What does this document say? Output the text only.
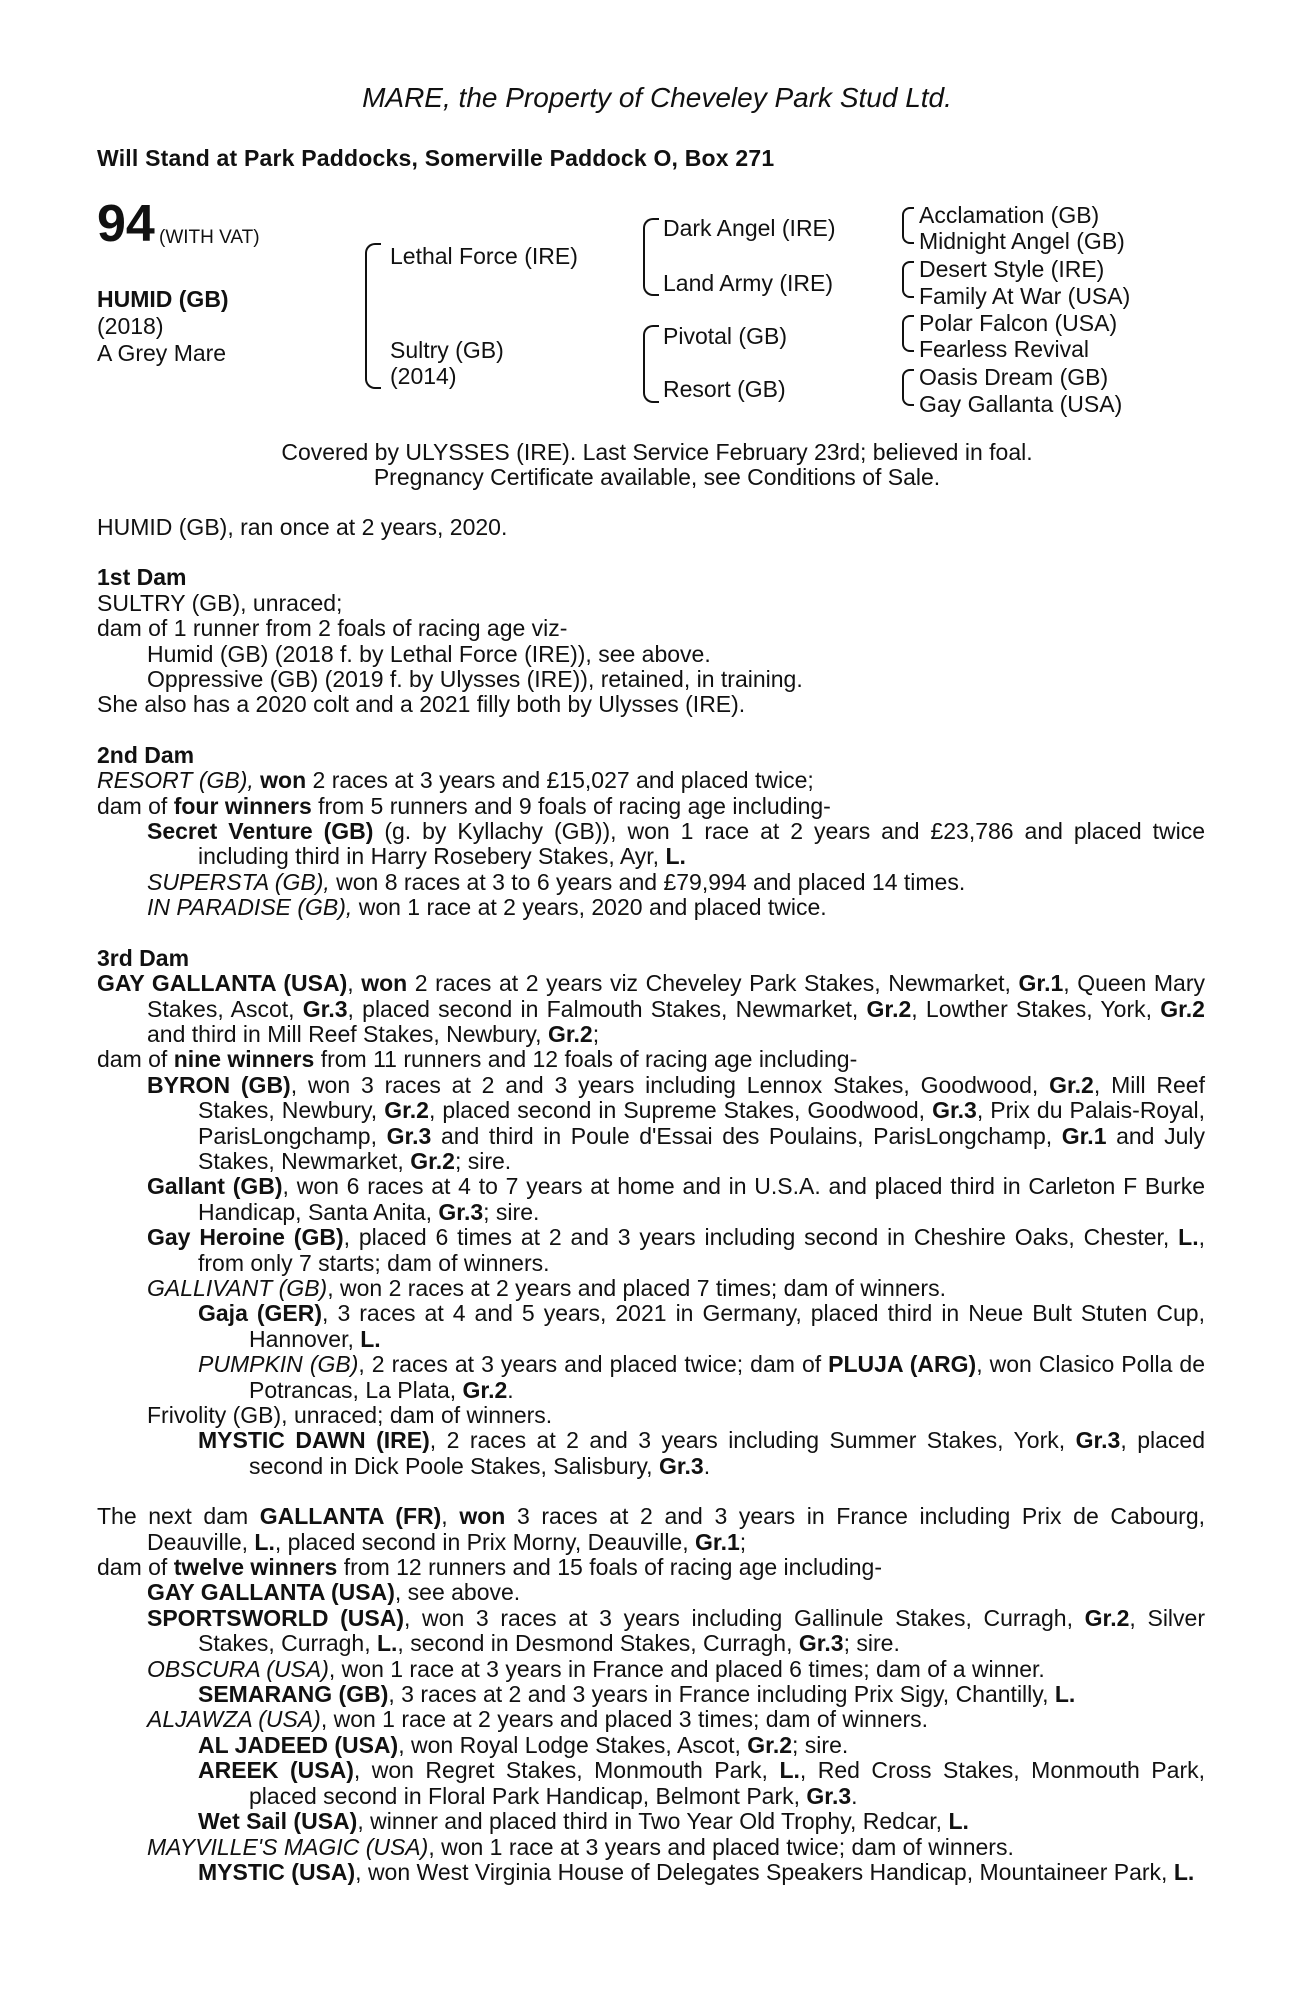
MARE, the Property of Cheveley Park Stud Ltd.
Will Stand at Park Paddocks, Somerville Paddock O, Box 271
94 (WITH VAT)
HUMID (GB)
(2018)
A Grey Mare
Lethal Force (IRE)
Sultry (GB)
(2014)
Dark Angel (IRE)
Land Army (IRE)
Pivotal (GB)
Resort (GB)
Acclamation (GB)
Midnight Angel (GB)
Desert Style (IRE)
Family At War (USA)
Polar Falcon (USA)
Fearless Revival
Oasis Dream (GB)
Gay Gallanta (USA)
Covered by ULYSSES (IRE). Last Service February 23rd; believed in foal.
Pregnancy Certificate available, see Conditions of Sale.

HUMID (GB), ran once at 2 years, 2020.

1st Dam

SULTRY (GB), unraced;

dam of 1 runner from 2 foals of racing age viz-

Humid (GB) (2018 f. by Lethal Force (IRE)), see above.

Oppressive (GB) (2019 f. by Ulysses (IRE)), retained, in training.

She also has a 2020 colt and a 2021 filly both by Ulysses (IRE).

2nd Dam

RESORT (GB), won 2 races at 3 years and £15,027 and placed twice;

dam of four winners from 5 runners and 9 foals of racing age including-

Secret Venture (GB) (g. by Kyllachy (GB)), won 1 race at 2 years and £23,786 and placed twice including third in Harry Rosebery Stakes, Ayr, L.

SUPERSTA (GB), won 8 races at 3 to 6 years and £79,994 and placed 14 times.

IN PARADISE (GB), won 1 race at 2 years, 2020 and placed twice.

3rd Dam

GAY GALLANTA (USA), won 2 races at 2 years viz Cheveley Park Stakes, Newmarket, Gr.1, Queen Mary Stakes, Ascot, Gr.3, placed second in Falmouth Stakes, Newmarket, Gr.2, Lowther Stakes, York, Gr.2 and third in Mill Reef Stakes, Newbury, Gr.2;

dam of nine winners from 11 runners and 12 foals of racing age including-

BYRON (GB), won 3 races at 2 and 3 years including Lennox Stakes, Goodwood, Gr.2, Mill Reef Stakes, Newbury, Gr.2, placed second in Supreme Stakes, Goodwood, Gr.3, Prix du Palais-Royal, ParisLongchamp, Gr.3 and third in Poule d'Essai des Poulains, ParisLongchamp, Gr.1 and July Stakes, Newmarket, Gr.2; sire.

Gallant (GB), won 6 races at 4 to 7 years at home and in U.S.A. and placed third in Carleton F Burke Handicap, Santa Anita, Gr.3; sire.

Gay Heroine (GB), placed 6 times at 2 and 3 years including second in Cheshire Oaks, Chester, L., from only 7 starts; dam of winners.

GALLIVANT (GB), won 2 races at 2 years and placed 7 times; dam of winners.

Gaja (GER), 3 races at 4 and 5 years, 2021 in Germany, placed third in Neue Bult Stuten Cup, Hannover, L.

PUMPKIN (GB), 2 races at 3 years and placed twice; dam of PLUJA (ARG), won Clasico Polla de Potrancas, La Plata, Gr.2.

Frivolity (GB), unraced; dam of winners.

MYSTIC DAWN (IRE), 2 races at 2 and 3 years including Summer Stakes, York, Gr.3, placed second in Dick Poole Stakes, Salisbury, Gr.3.

The next dam GALLANTA (FR), won 3 races at 2 and 3 years in France including Prix de Cabourg, Deauville, L., placed second in Prix Morny, Deauville, Gr.1;

dam of twelve winners from 12 runners and 15 foals of racing age including-

GAY GALLANTA (USA), see above.

SPORTSWORLD (USA), won 3 races at 3 years including Gallinule Stakes, Curragh, Gr.2, Silver Stakes, Curragh, L., second in Desmond Stakes, Curragh, Gr.3; sire.

OBSCURA (USA), won 1 race at 3 years in France and placed 6 times; dam of a winner.

SEMARANG (GB), 3 races at 2 and 3 years in France including Prix Sigy, Chantilly, L.

ALJAWZA (USA), won 1 race at 2 years and placed 3 times; dam of winners.

AL JADEED (USA), won Royal Lodge Stakes, Ascot, Gr.2; sire.

AREEK (USA), won Regret Stakes, Monmouth Park, L., Red Cross Stakes, Monmouth Park, placed second in Floral Park Handicap, Belmont Park, Gr.3.

Wet Sail (USA), winner and placed third in Two Year Old Trophy, Redcar, L.

MAYVILLE'S MAGIC (USA), won 1 race at 3 years and placed twice; dam of winners.

MYSTIC (USA), won West Virginia House of Delegates Speakers Handicap, Mountaineer Park, L.
